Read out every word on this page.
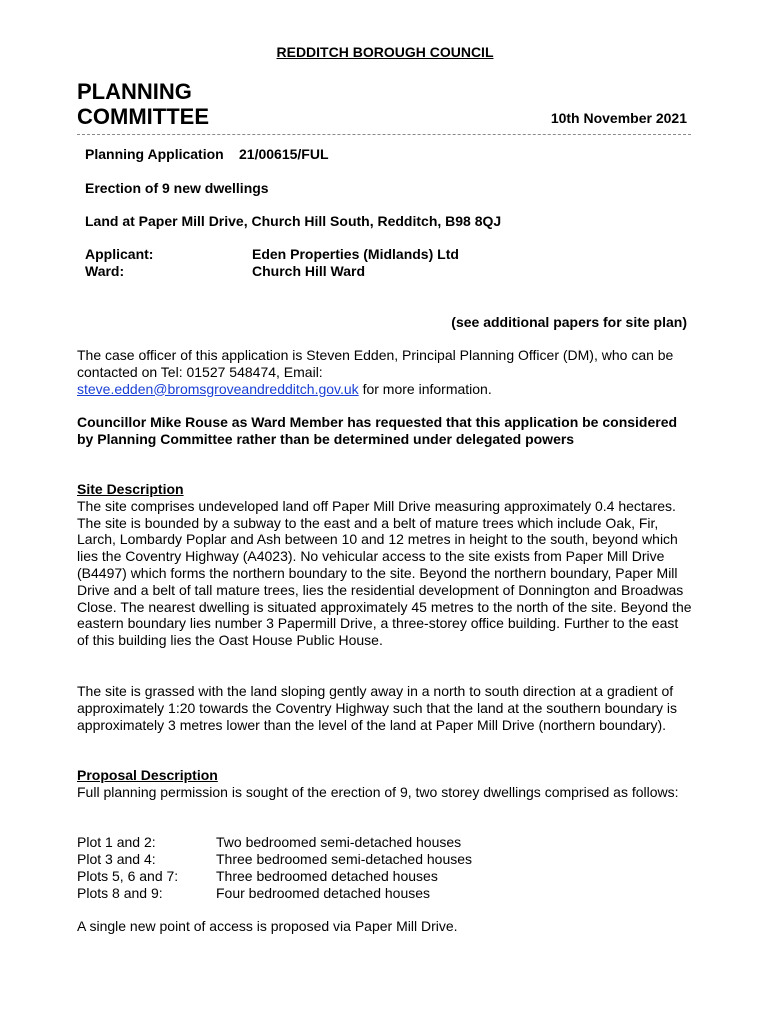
REDDITCH BOROUGH COUNCIL
PLANNING
COMMITTEE	10th November 2021
Planning Application 21/00615/FUL
Erection of 9 new dwellings
Land at Paper Mill Drive, Church Hill South, Redditch, B98 8QJ
Applicant:	Eden Properties (Midlands) Ltd
Ward:	Church Hill Ward
(see additional papers for site plan)
The case officer of this application is Steven Edden, Principal Planning Officer (DM), who can be contacted on Tel: 01527 548474, Email:
steve.edden@bromsgroveandredditch.gov.uk for more information.
Councillor Mike Rouse as Ward Member has requested that this application be considered by Planning Committee rather than be determined under delegated powers
Site Description
The site comprises undeveloped land off Paper Mill Drive measuring approximately 0.4 hectares. The site is bounded by a subway to the east and a belt of mature trees which include Oak, Fir, Larch, Lombardy Poplar and Ash between 10 and 12 metres in height to the south, beyond which lies the Coventry Highway (A4023). No vehicular access to the site exists from Paper Mill Drive (B4497) which forms the northern boundary to the site. Beyond the northern boundary, Paper Mill Drive and a belt of tall mature trees, lies the residential development of Donnington and Broadwas Close. The nearest dwelling is situated approximately 45 metres to the north of the site. Beyond the eastern boundary lies number 3 Papermill Drive, a three-storey office building. Further to the east of this building lies the Oast House Public House.
The site is grassed with the land sloping gently away in a north to south direction at a gradient of approximately 1:20 towards the Coventry Highway such that the land at the southern boundary is approximately 3 metres lower than the level of the land at Paper Mill Drive (northern boundary).
Proposal Description
Full planning permission is sought of the erection of 9, two storey dwellings comprised as follows:
Plot 1 and 2:	Two bedroomed semi-detached houses
Plot 3 and 4:	Three bedroomed semi-detached houses
Plots 5, 6 and 7:	Three bedroomed detached houses
Plots 8 and 9:	Four bedroomed detached houses
A single new point of access is proposed via Paper Mill Drive.
